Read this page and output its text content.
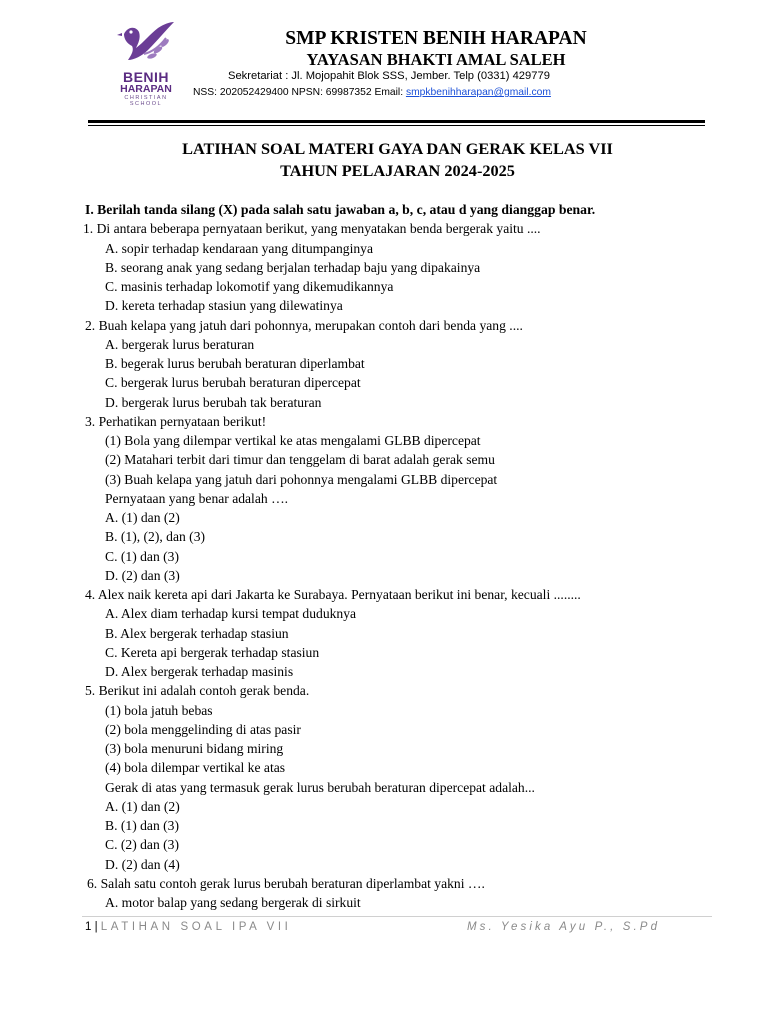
BENIH
HARAPAN
CHRISTIAN
SCHOOL
SMP KRISTEN BENIH HARAPAN
YAYASAN BHAKTI AMAL SALEH
Sekretariat : Jl. Mojopahit Blok SSS, Jember. Telp (0331) 429779
NSS: 202052429400 NPSN: 69987352 Email: smpkbenihharapan@gmail.com
LATIHAN SOAL MATERI GAYA DAN GERAK KELAS VII
TAHUN PELAJARAN 2024-2025
I. Berilah tanda silang (X) pada salah satu jawaban a, b, c, atau d yang dianggap benar.
1. Di antara beberapa pernyataan berikut, yang menyatakan benda bergerak yaitu ....
A. sopir terhadap kendaraan yang ditumpanginya
B. seorang anak yang sedang berjalan terhadap baju yang dipakainya
C. masinis terhadap lokomotif yang dikemudikannya
D. kereta terhadap stasiun yang dilewatinya
2. Buah kelapa yang jatuh dari pohonnya, merupakan contoh dari benda yang ....
A. bergerak lurus beraturan
B. begerak lurus berubah beraturan diperlambat
C. bergerak lurus berubah beraturan dipercepat
D. bergerak lurus berubah tak beraturan
3. Perhatikan pernyataan berikut!
(1) Bola yang dilempar vertikal ke atas mengalami GLBB dipercepat
(2) Matahari terbit dari timur dan tenggelam di barat adalah gerak semu
(3) Buah kelapa yang jatuh dari pohonnya mengalami GLBB dipercepat
Pernyataan yang benar adalah ….
A. (1) dan (2)
B. (1), (2), dan (3)
C. (1) dan (3)
D. (2) dan (3)
4. Alex naik kereta api dari Jakarta ke Surabaya. Pernyataan berikut ini benar, kecuali ........
A. Alex diam terhadap kursi tempat duduknya
B. Alex bergerak terhadap stasiun
C. Kereta api bergerak terhadap stasiun
D. Alex bergerak terhadap masinis
5. Berikut ini adalah contoh gerak benda.
(1) bola jatuh bebas
(2) bola menggelinding di atas pasir
(3) bola menuruni bidang miring
(4) bola dilempar vertikal ke atas
Gerak di atas yang termasuk gerak lurus berubah beraturan dipercepat adalah...
A. (1) dan (2)
B. (1) dan (3)
C. (2) dan (3)
D. (2) dan (4)
6. Salah satu contoh gerak lurus berubah beraturan diperlambat yakni ….
A. motor balap yang sedang bergerak di sirkuit
1 | LATIHAN SOAL IPA VII	Ms. Yesika Ayu P., S.Pd
